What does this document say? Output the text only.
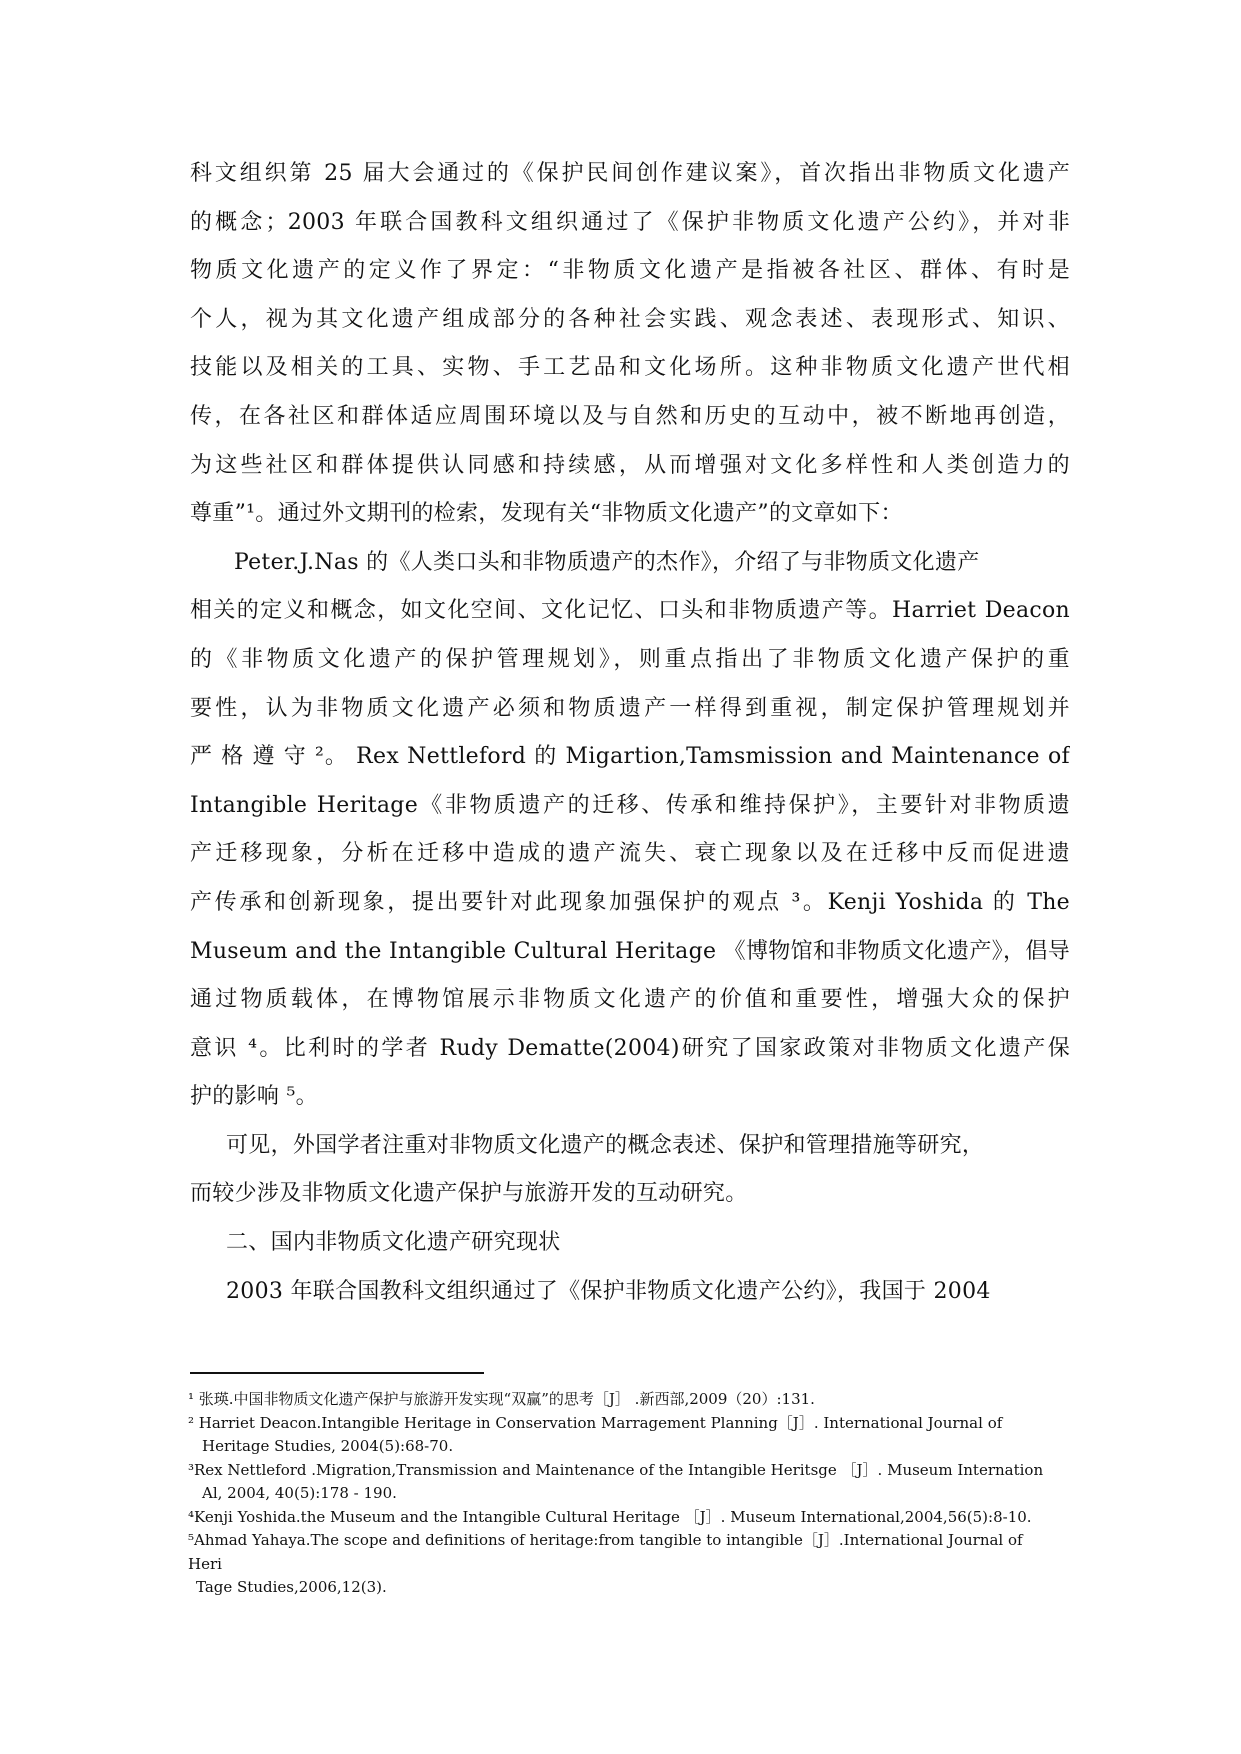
科文组织第 25 届大会通过的《保护民间创作建议案》，首次指出非物质文化遗产
的概念；2003 年联合国教科文组织通过了《保护非物质文化遗产公约》，并对非
物质文化遗产的定义作了界定：“非物质文化遗产是指被各社区、群体、有时是
个人，视为其文化遗产组成部分的各种社会实践、观念表述、表现形式、知识、
技能以及相关的工具、实物、手工艺品和文化场所。这种非物质文化遗产世代相
传，在各社区和群体适应周围环境以及与自然和历史的互动中，被不断地再创造，
为这些社区和群体提供认同感和持续感，从而增强对文化多样性和人类创造力的
尊重”¹。通过外文期刊的检索，发现有关“非物质文化遗产”的文章如下：
Peter.J.Nas 的《人类口头和非物质遗产的杰作》，介绍了与非物质文化遗产
相关的定义和概念，如文化空间、文化记忆、口头和非物质遗产等。Harriet Deacon
的《非物质文化遗产的保护管理规划》，则重点指出了非物质文化遗产保护的重
要性，认为非物质文化遗产必须和物质遗产一样得到重视，制定保护管理规划并
严 格 遵 守 ²。 Rex Nettleford 的 Migartion,Tamsmission and Maintenance of
Intangible Heritage《非物质遗产的迁移、传承和维持保护》，主要针对非物质遗
产迁移现象，分析在迁移中造成的遗产流失、衰亡现象以及在迁移中反而促进遗
产传承和创新现象，提出要针对此现象加强保护的观点 ³。Kenji Yoshida 的 The
Museum and the Intangible Cultural Heritage 《博物馆和非物质文化遗产》，倡导
通过物质载体，在博物馆展示非物质文化遗产的价值和重要性，增强大众的保护
意识 ⁴。比利时的学者 Rudy Dematte(2004)研究了国家政策对非物质文化遗产保
护的影响 ⁵。
可见，外国学者注重对非物质文化遗产的概念表述、保护和管理措施等研究，
而较少涉及非物质文化遗产保护与旅游开发的互动研究。
二、国内非物质文化遗产研究现状
2003 年联合国教科文组织通过了《保护非物质文化遗产公约》，我国于 2004
¹ 张瑛.中国非物质文化遗产保护与旅游开发实现“双赢”的思考［J］ .新西部,2009（20）:131.
² Harriet Deacon.Intangible Heritage in Conservation Marragement Planning［J］. International Journal of
Heritage Studies, 2004(5):68-70.
³Rex Nettleford .Migration,Transmission and Maintenance of the Intangible Heritsge ［J］. Museum Internation
Al, 2004, 40(5):178 - 190.
⁴Kenji Yoshida.the Museum and the Intangible Cultural Heritage ［J］. Museum International,2004,56(5):8-10.
⁵Ahmad Yahaya.The scope and definitions of heritage:from tangible to intangible［J］.International Journal of
Heri
Tage Studies,2006,12(3).
